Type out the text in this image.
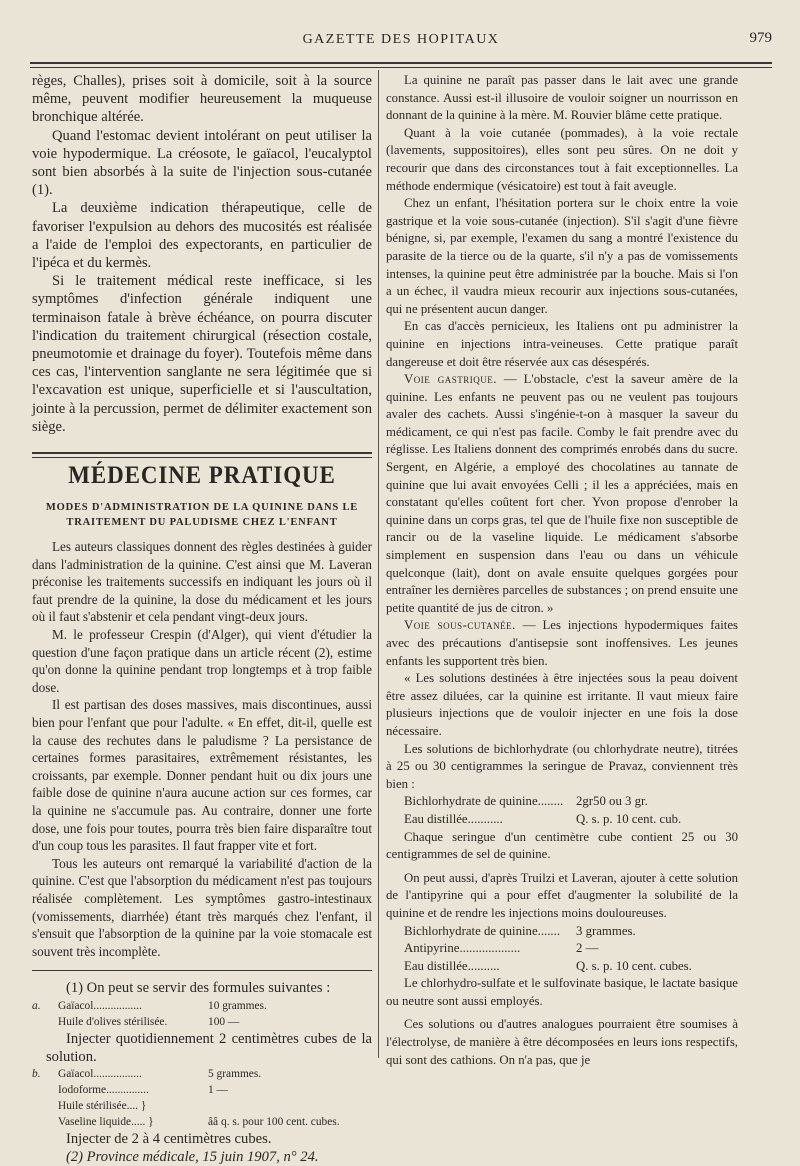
GAZETTE DES HOPITAUX	979

règes, Challes), prises soit à domicile, soit à la source même, peuvent modifier heureusement la muqueuse bronchique altérée.

Quand l'estomac devient intolérant on peut utiliser la voie hypodermique. La créosote, le gaïacol, l'eucalyptol sont bien absorbés à la suite de l'injection sous-cutanée (1).

La deuxième indication thérapeutique, celle de favoriser l'expulsion au dehors des mucosités est réalisée a l'aide de l'emploi des expectorants, en particulier de l'ipéca et du kermès.

Si le traitement médical reste inefficace, si les symptômes d'infection générale indiquent une terminaison fatale à brève échéance, on pourra discuter l'indication du traitement chirurgical (résection costale, pneumotomie et drainage du foyer). Toutefois même dans ces cas, l'intervention sanglante ne sera légitimée que si l'excavation est unique, superficielle et si l'auscultation, jointe à la percussion, permet de délimiter exactement son siège.

MÉDECINE PRATIQUE
MODES D'ADMINISTRATION DE LA QUININE DANS LE TRAITEMENT DU PALUDISME CHEZ L'ENFANT

Les auteurs classiques donnent des règles destinées à guider dans l'administration de la quinine. C'est ainsi que M. Laveran préconise les traitements successifs en indiquant les jours où il faut prendre de la quinine, la dose du médicament et les jours où il faut s'abstenir et cela pendant vingt-deux jours.

M. le professeur Crespin (d'Alger), qui vient d'étudier la question d'une façon pratique dans un article récent (2), estime qu'on donne la quinine pendant trop longtemps et à trop faible dose.

Il est partisan des doses massives, mais discontinues, aussi bien pour l'enfant que pour l'adulte. « En effet, dit-il, quelle est la cause des rechutes dans le paludisme ? La persistance de certaines formes parasitaires, extrêmement résistantes, les croissants, par exemple. Donner pendant huit ou dix jours une faible dose de quinine n'aura aucune action sur ces formes, car la quinine ne s'accumule pas. Au contraire, donner une forte dose, une fois pour toutes, pourra très bien faire disparaître tout d'un coup tous les parasites. Il faut frapper vite et fort.

Tous les auteurs ont remarqué la variabilité d'action de la quinine. C'est que l'absorption du médicament n'est pas toujours réalisée complètement. Les symptômes gastro-intestinaux (vomissements, diarrhée) étant très marqués chez l'enfant, il s'ensuit que l'absorption de la quinine par la voie stomacale est souvent très incomplète.

(1) On peut se servir des formules suivantes :

a.	Gaïacol.................	10 grammes.
Huile d'olives stérilisée.	100 —

Injecter quotidiennement 2 centimètres cubes de la solution.

b.	Gaïacol.................	5 grammes.
Iodoforme...............	1 —
Huile stérilisée.... }
Vaseline liquide..... }	ââ q. s. pour 100 cent. cubes.

Injecter de 2 à 4 centimètres cubes.

(2) Province médicale, 15 juin 1907, n° 24.

La quinine ne paraît pas passer dans le lait avec une grande constance. Aussi est-il illusoire de vouloir soigner un nourrisson en donnant de la quinine à la mère. M. Rouvier blâme cette pratique.

Quant à la voie cutanée (pommades), à la voie rectale (lavements, suppositoires), elles sont peu sûres. On ne doit y recourir que dans des circonstances tout à fait exceptionnelles. La méthode endermique (vésicatoire) est tout à fait aveugle.

Chez un enfant, l'hésitation portera sur le choix entre la voie gastrique et la voie sous-cutanée (injection). S'il s'agit d'une fièvre bénigne, si, par exemple, l'examen du sang a montré l'existence du parasite de la tierce ou de la quarte, s'il n'y a pas de vomissements intenses, la quinine peut être administrée par la bouche. Mais si l'on a un échec, il vaudra mieux recourir aux injections sous-cutanées, qui ne présentent aucun danger.

En cas d'accès pernicieux, les Italiens ont pu administrer la quinine en injections intra-veineuses. Cette pratique paraît dangereuse et doit être réservée aux cas désespérés.

Voie gastrique. — L'obstacle, c'est la saveur amère de la quinine. Les enfants ne peuvent pas ou ne veulent pas toujours avaler des cachets. Aussi s'ingénie-t-on à masquer la saveur du médicament, ce qui n'est pas facile. Comby le fait prendre avec du réglisse. Les Italiens donnent des comprimés enrobés dans du sucre. Sergent, en Algérie, a employé des chocolatines au tannate de quinine que lui avait envoyées Celli ; il les a appréciées, mais en constatant qu'elles coûtent fort cher. Yvon propose d'enrober la quinine dans un corps gras, tel que de l'huile fixe non susceptible de rancir ou de la vaseline liquide. Le médicament s'absorbe simplement en suspension dans l'eau ou dans un véhicule quelconque (lait), dont on avale ensuite quelques gorgées pour entraîner les dernières parcelles de substances ; on prend ensuite une petite quantité de jus de citron. »

Voie sous-cutanée. — Les injections hypodermiques faites avec des précautions d'antisepsie sont inoffensives. Les jeunes enfants les supportent très bien.

« Les solutions destinées à être injectées sous la peau doivent être assez diluées, car la quinine est irritante. Il vaut mieux faire plusieurs injections que de vouloir injecter en une fois la dose nécessaire.

Les solutions de bichlorhydrate (ou chlorhydrate neutre), titrées à 25 ou 30 centigrammes la seringue de Pravaz, conviennent très bien :

Bichlorhydrate de quinine........ 2gr50 ou 3 gr.
Eau distillée...........	Q. s. p. 10 cent. cub.

Chaque seringue d'un centimètre cube contient 25 ou 30 centigrammes de sel de quinine.

On peut aussi, d'après Truilzi et Laveran, ajouter à cette solution de l'antipyrine qui a pour effet d'augmenter la solubilité de la quinine et de rendre les injections moins douloureuses.

Bichlorhydrate de quinine.......	3 grammes.
Antipyrine...................	2 —
Eau distillée..........	Q. s. p. 10 cent. cubes.

Le chlorhydro-sulfate et le sulfovinate basique, le lactate basique ou neutre sont aussi employés.

Ces solutions ou d'autres analogues pourraient être soumises à l'électrolyse, de manière à être décomposées en leurs ions respectifs, qui sont des cathions. On n'a pas, que je
